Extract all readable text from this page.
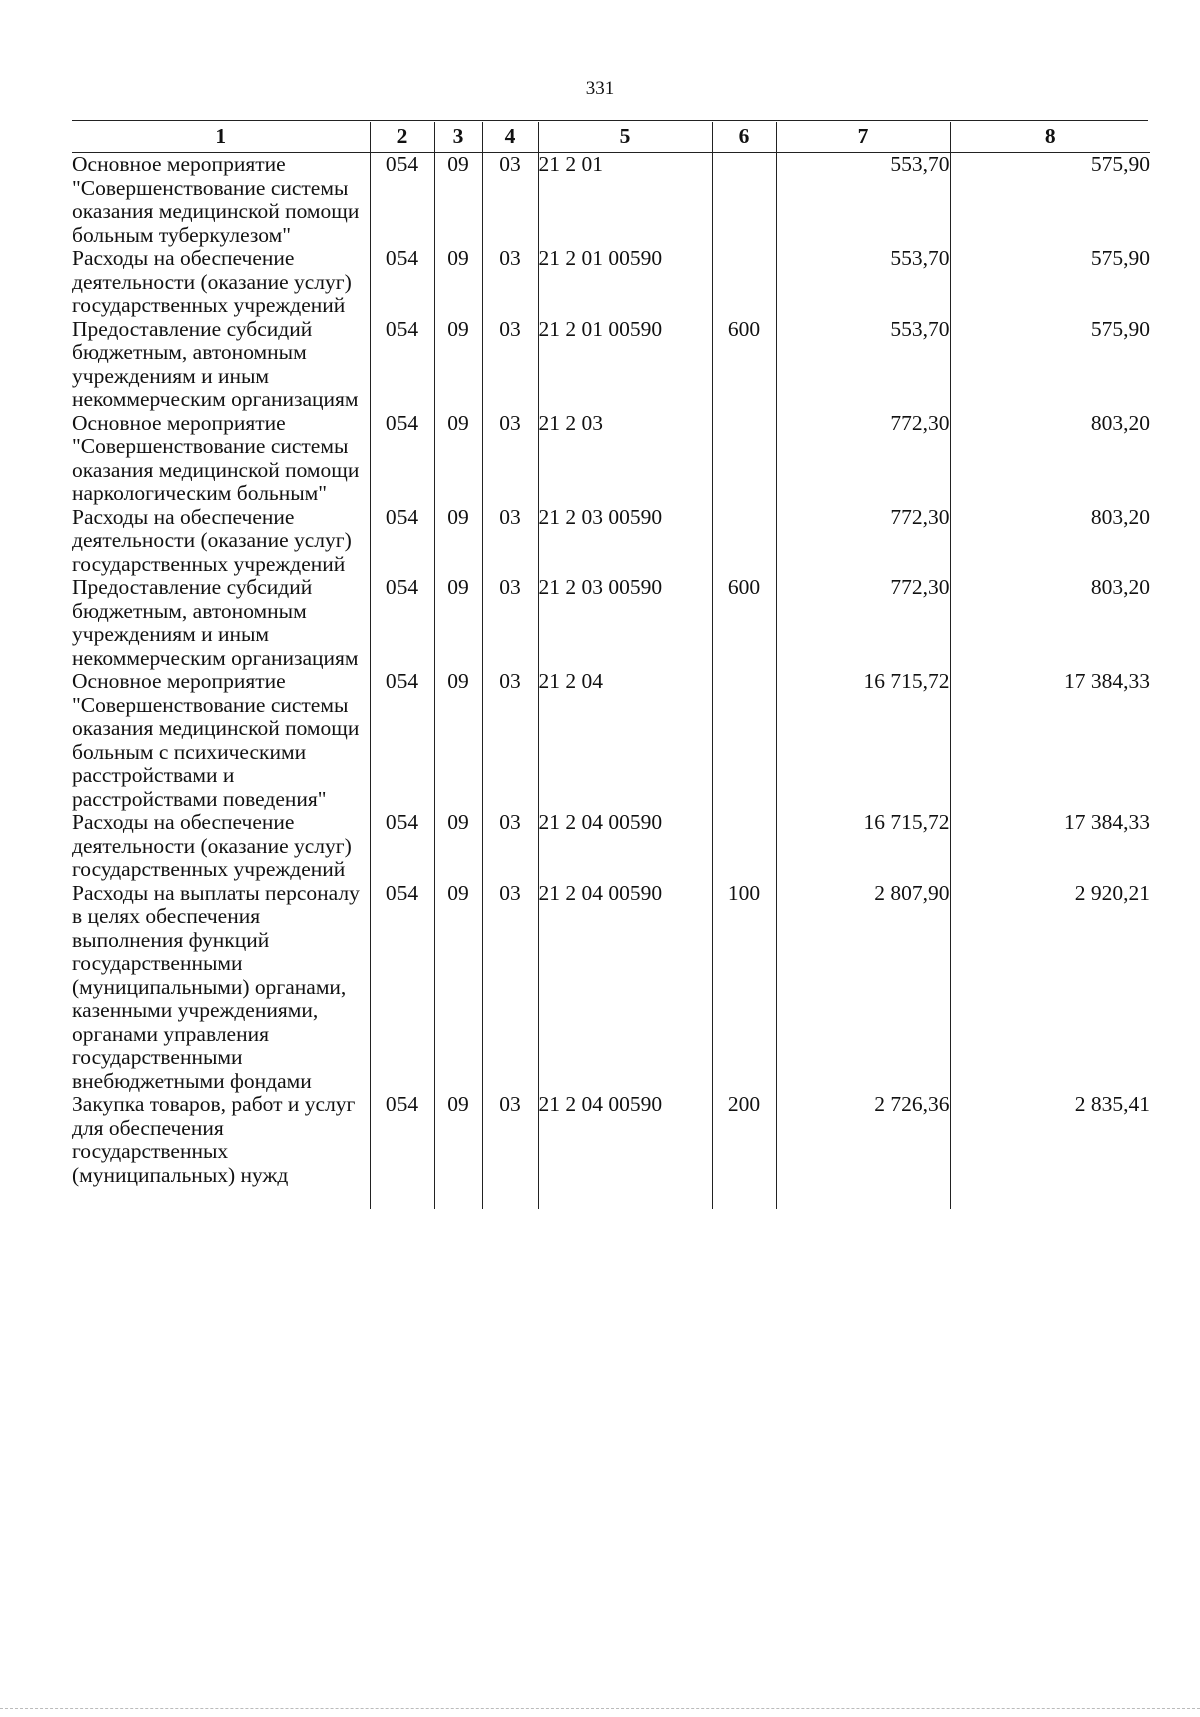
331
1	2	3	4	5	6	7	8
Основное мероприятие "Совершенствование системы оказания медицинской помощи больным туберкулезом"	054	09	03	21 2 01		553,70	575,90
Расходы на обеспечение деятельности (оказание услуг) государственных учреждений	054	09	03	21 2 01 00590		553,70	575,90
Предоставление субсидий бюджетным, автономным учреждениям и иным некоммерческим организациям	054	09	03	21 2 01 00590	600	553,70	575,90
Основное мероприятие "Совершенствование системы оказания медицинской помощи наркологическим больным"	054	09	03	21 2 03		772,30	803,20
Расходы на обеспечение деятельности (оказание услуг) государственных учреждений	054	09	03	21 2 03 00590		772,30	803,20
Предоставление субсидий бюджетным, автономным учреждениям и иным некоммерческим организациям	054	09	03	21 2 03 00590	600	772,30	803,20
Основное мероприятие "Совершенствование системы оказания медицинской помощи больным с психическими расстройствами и расстройствами поведения"	054	09	03	21 2 04		16 715,72	17 384,33
Расходы на обеспечение деятельности (оказание услуг) государственных учреждений	054	09	03	21 2 04 00590		16 715,72	17 384,33
Расходы на выплаты персоналу в целях обеспечения выполнения функций государственными (муниципальными) органами, казенными учреждениями, органами управления государственными внебюджетными фондами	054	09	03	21 2 04 00590	100	2 807,90	2 920,21
Закупка товаров, работ и услуг для обеспечения государственных (муниципальных) нужд	054	09	03	21 2 04 00590	200	2 726,36	2 835,41
